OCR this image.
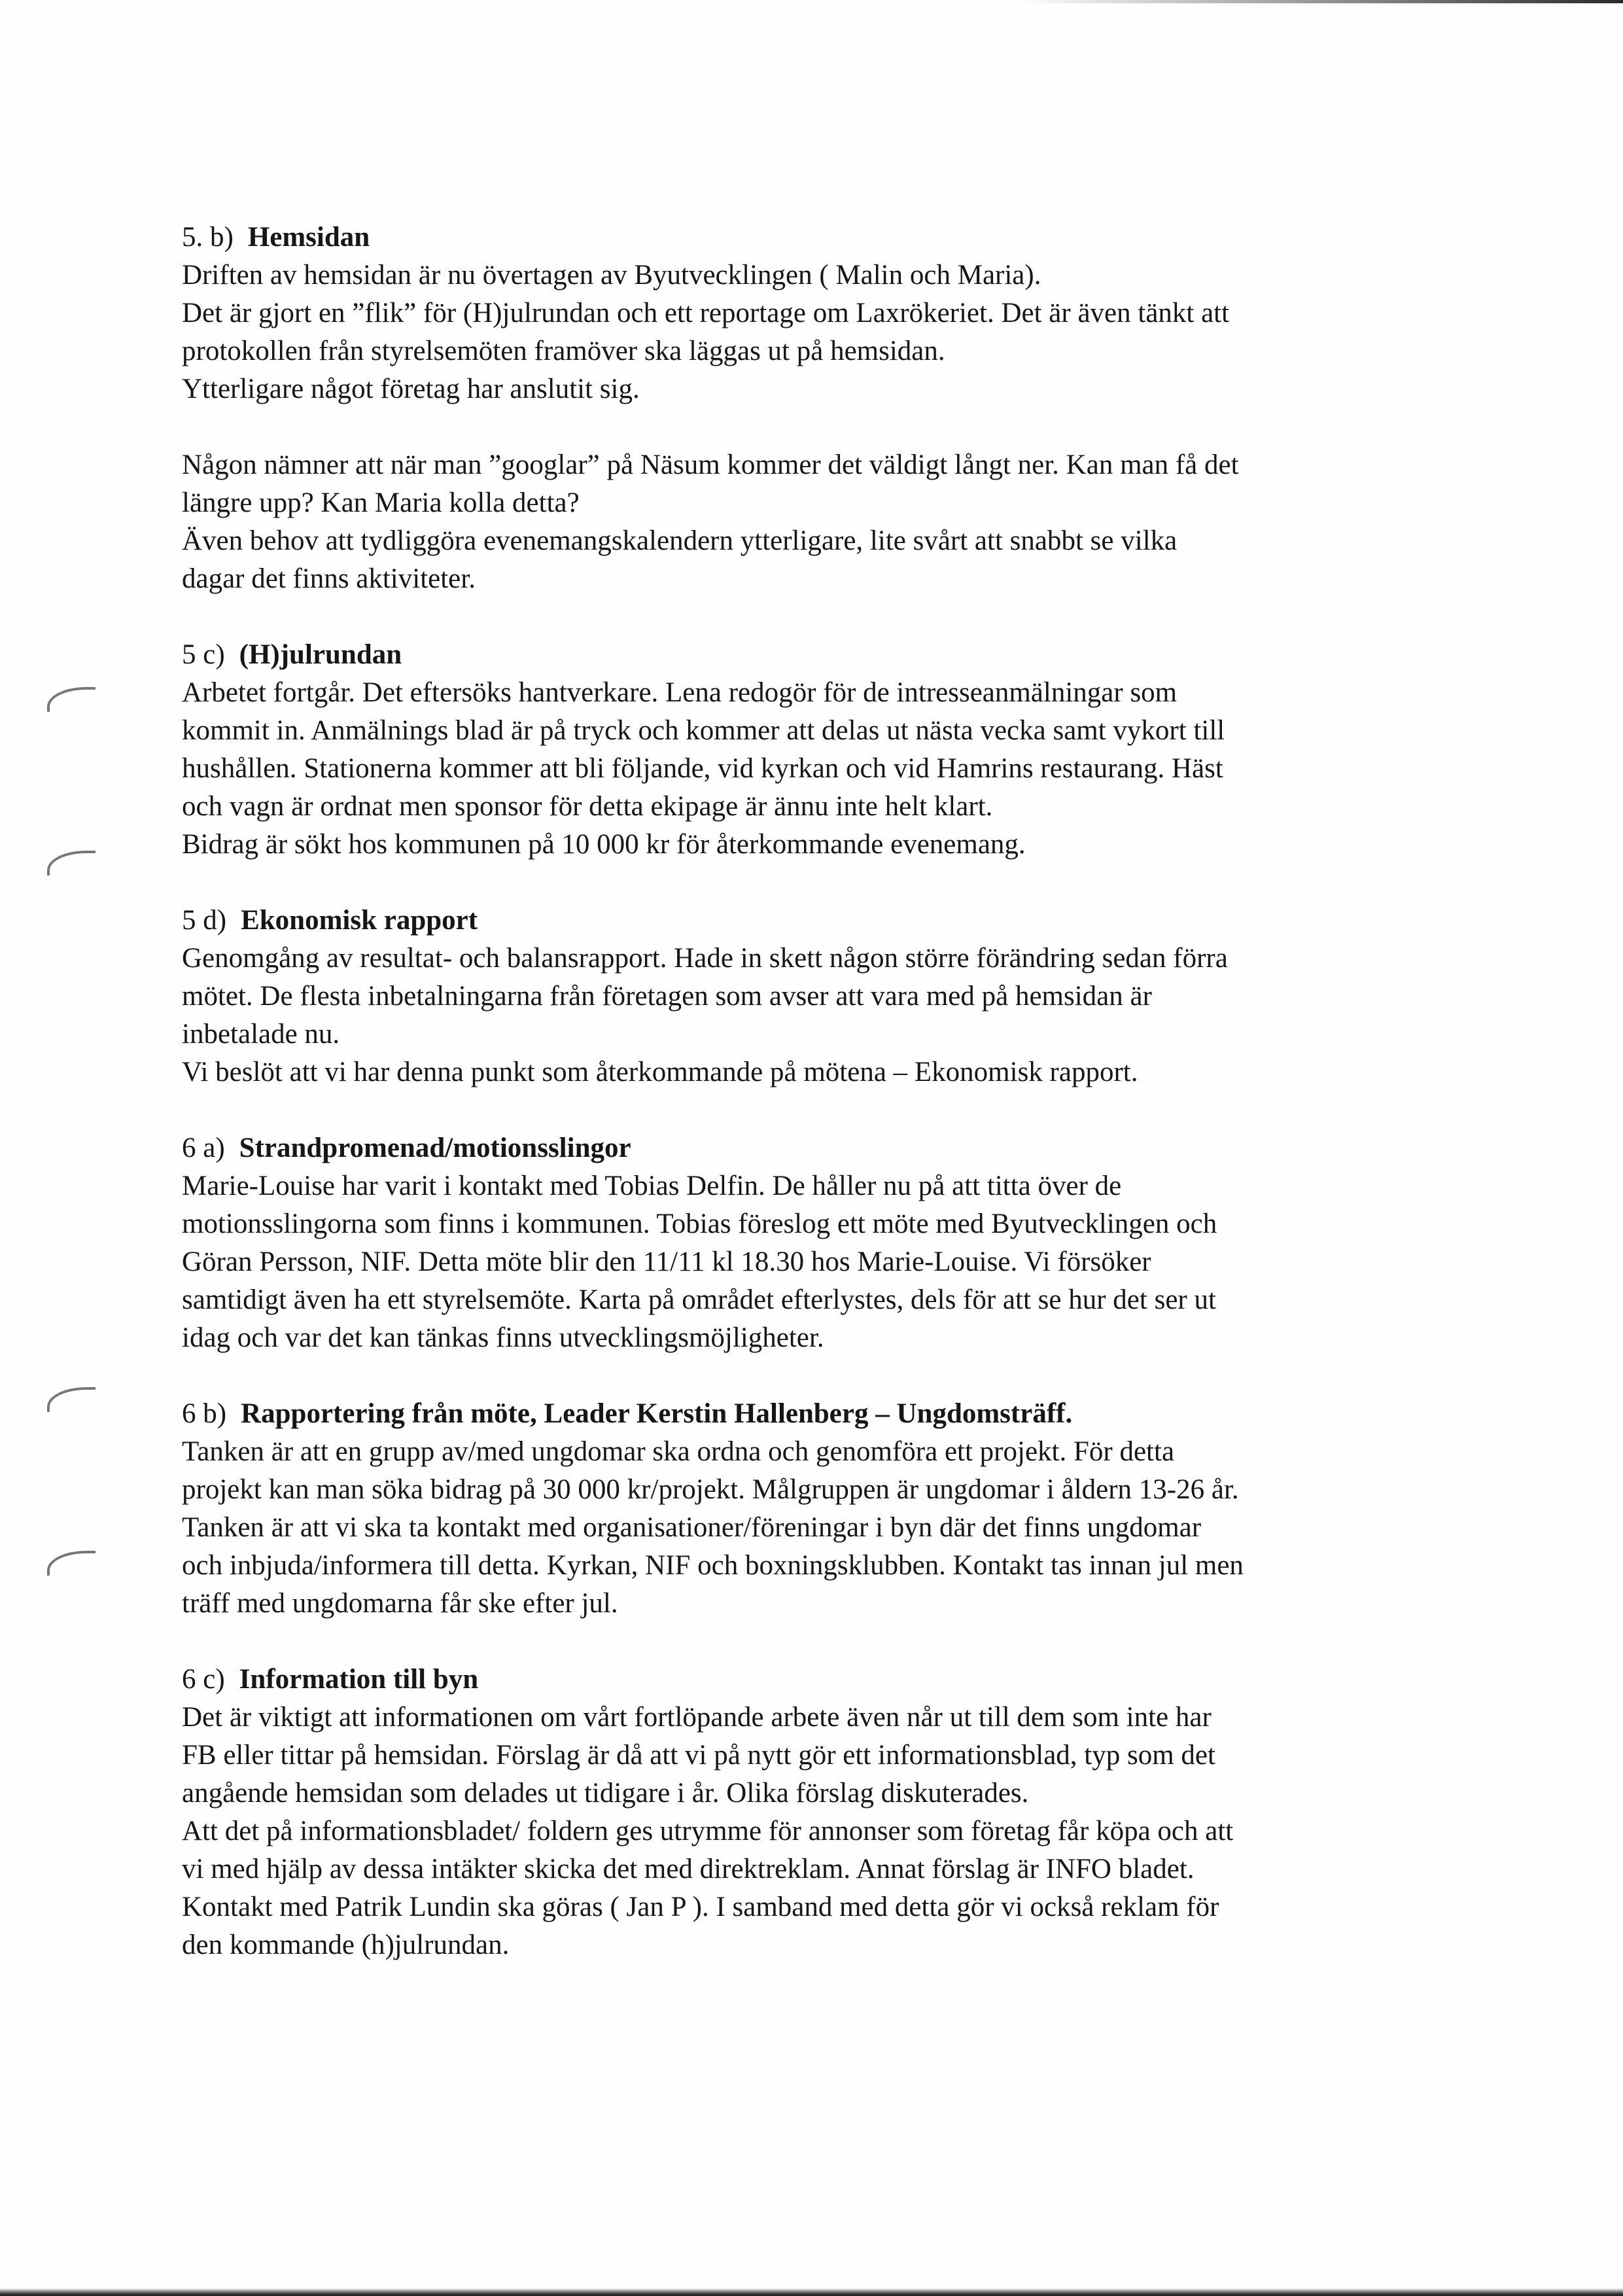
5. b) Hemsidan

Driften av hemsidan är nu övertagen av Byutvecklingen ( Malin och Maria).
Det är gjort en ”flik” för (H)julrundan och ett reportage om Laxrökeriet. Det är även tänkt att
protokollen från styrelsemöten framöver ska läggas ut på hemsidan.
Ytterligare något företag har anslutit sig.
Någon nämner att när man ”googlar” på Näsum kommer det väldigt långt ner. Kan man få det
längre upp? Kan Maria kolla detta?
Även behov att tydliggöra evenemangskalendern ytterligare, lite svårt att snabbt se vilka
dagar det finns aktiviteter.

5 c) (H)julrundan

Arbetet fortgår. Det eftersöks hantverkare. Lena redogör för de intresseanmälningar som
kommit in. Anmälnings blad är på tryck och kommer att delas ut nästa vecka samt vykort till
hushållen. Stationerna kommer att bli följande, vid kyrkan och vid Hamrins restaurang. Häst
och vagn är ordnat men sponsor för detta ekipage är ännu inte helt klart.
Bidrag är sökt hos kommunen på 10 000 kr för återkommande evenemang.

5 d) Ekonomisk rapport

Genomgång av resultat- och balansrapport. Hade in skett någon större förändring sedan förra
mötet. De flesta inbetalningarna från företagen som avser att vara med på hemsidan är
inbetalade nu.
Vi beslöt att vi har denna punkt som återkommande på mötena – Ekonomisk rapport.

6 a) Strandpromenad/motionsslingor

Marie-Louise har varit i kontakt med Tobias Delfin. De håller nu på att titta över de
motionsslingorna som finns i kommunen. Tobias föreslog ett möte med Byutvecklingen och
Göran Persson, NIF. Detta möte blir den 11/11 kl 18.30 hos Marie-Louise. Vi försöker
samtidigt även ha ett styrelsemöte. Karta på området efterlystes, dels för att se hur det ser ut
idag och var det kan tänkas finns utvecklingsmöjligheter.

6 b) Rapportering från möte, Leader Kerstin Hallenberg – Ungdomsträff.

Tanken är att en grupp av/med ungdomar ska ordna och genomföra ett projekt. För detta
projekt kan man söka bidrag på 30 000 kr/projekt. Målgruppen är ungdomar i åldern 13-26 år.
Tanken är att vi ska ta kontakt med organisationer/föreningar i byn där det finns ungdomar
och inbjuda/informera till detta. Kyrkan, NIF och boxningsklubben. Kontakt tas innan jul men
träff med ungdomarna får ske efter jul.

6 c) Information till byn

Det är viktigt att informationen om vårt fortlöpande arbete även når ut till dem som inte har
FB eller tittar på hemsidan. Förslag är då att vi på nytt gör ett informationsblad, typ som det
angående hemsidan som delades ut tidigare i år. Olika förslag diskuterades.
Att det på informationsbladet/ foldern ges utrymme för annonser som företag får köpa och att
vi med hjälp av dessa intäkter skicka det med direktreklam. Annat förslag är INFO bladet.
Kontakt med Patrik Lundin ska göras ( Jan P ). I samband med detta gör vi också reklam för
den kommande (h)julrundan.
